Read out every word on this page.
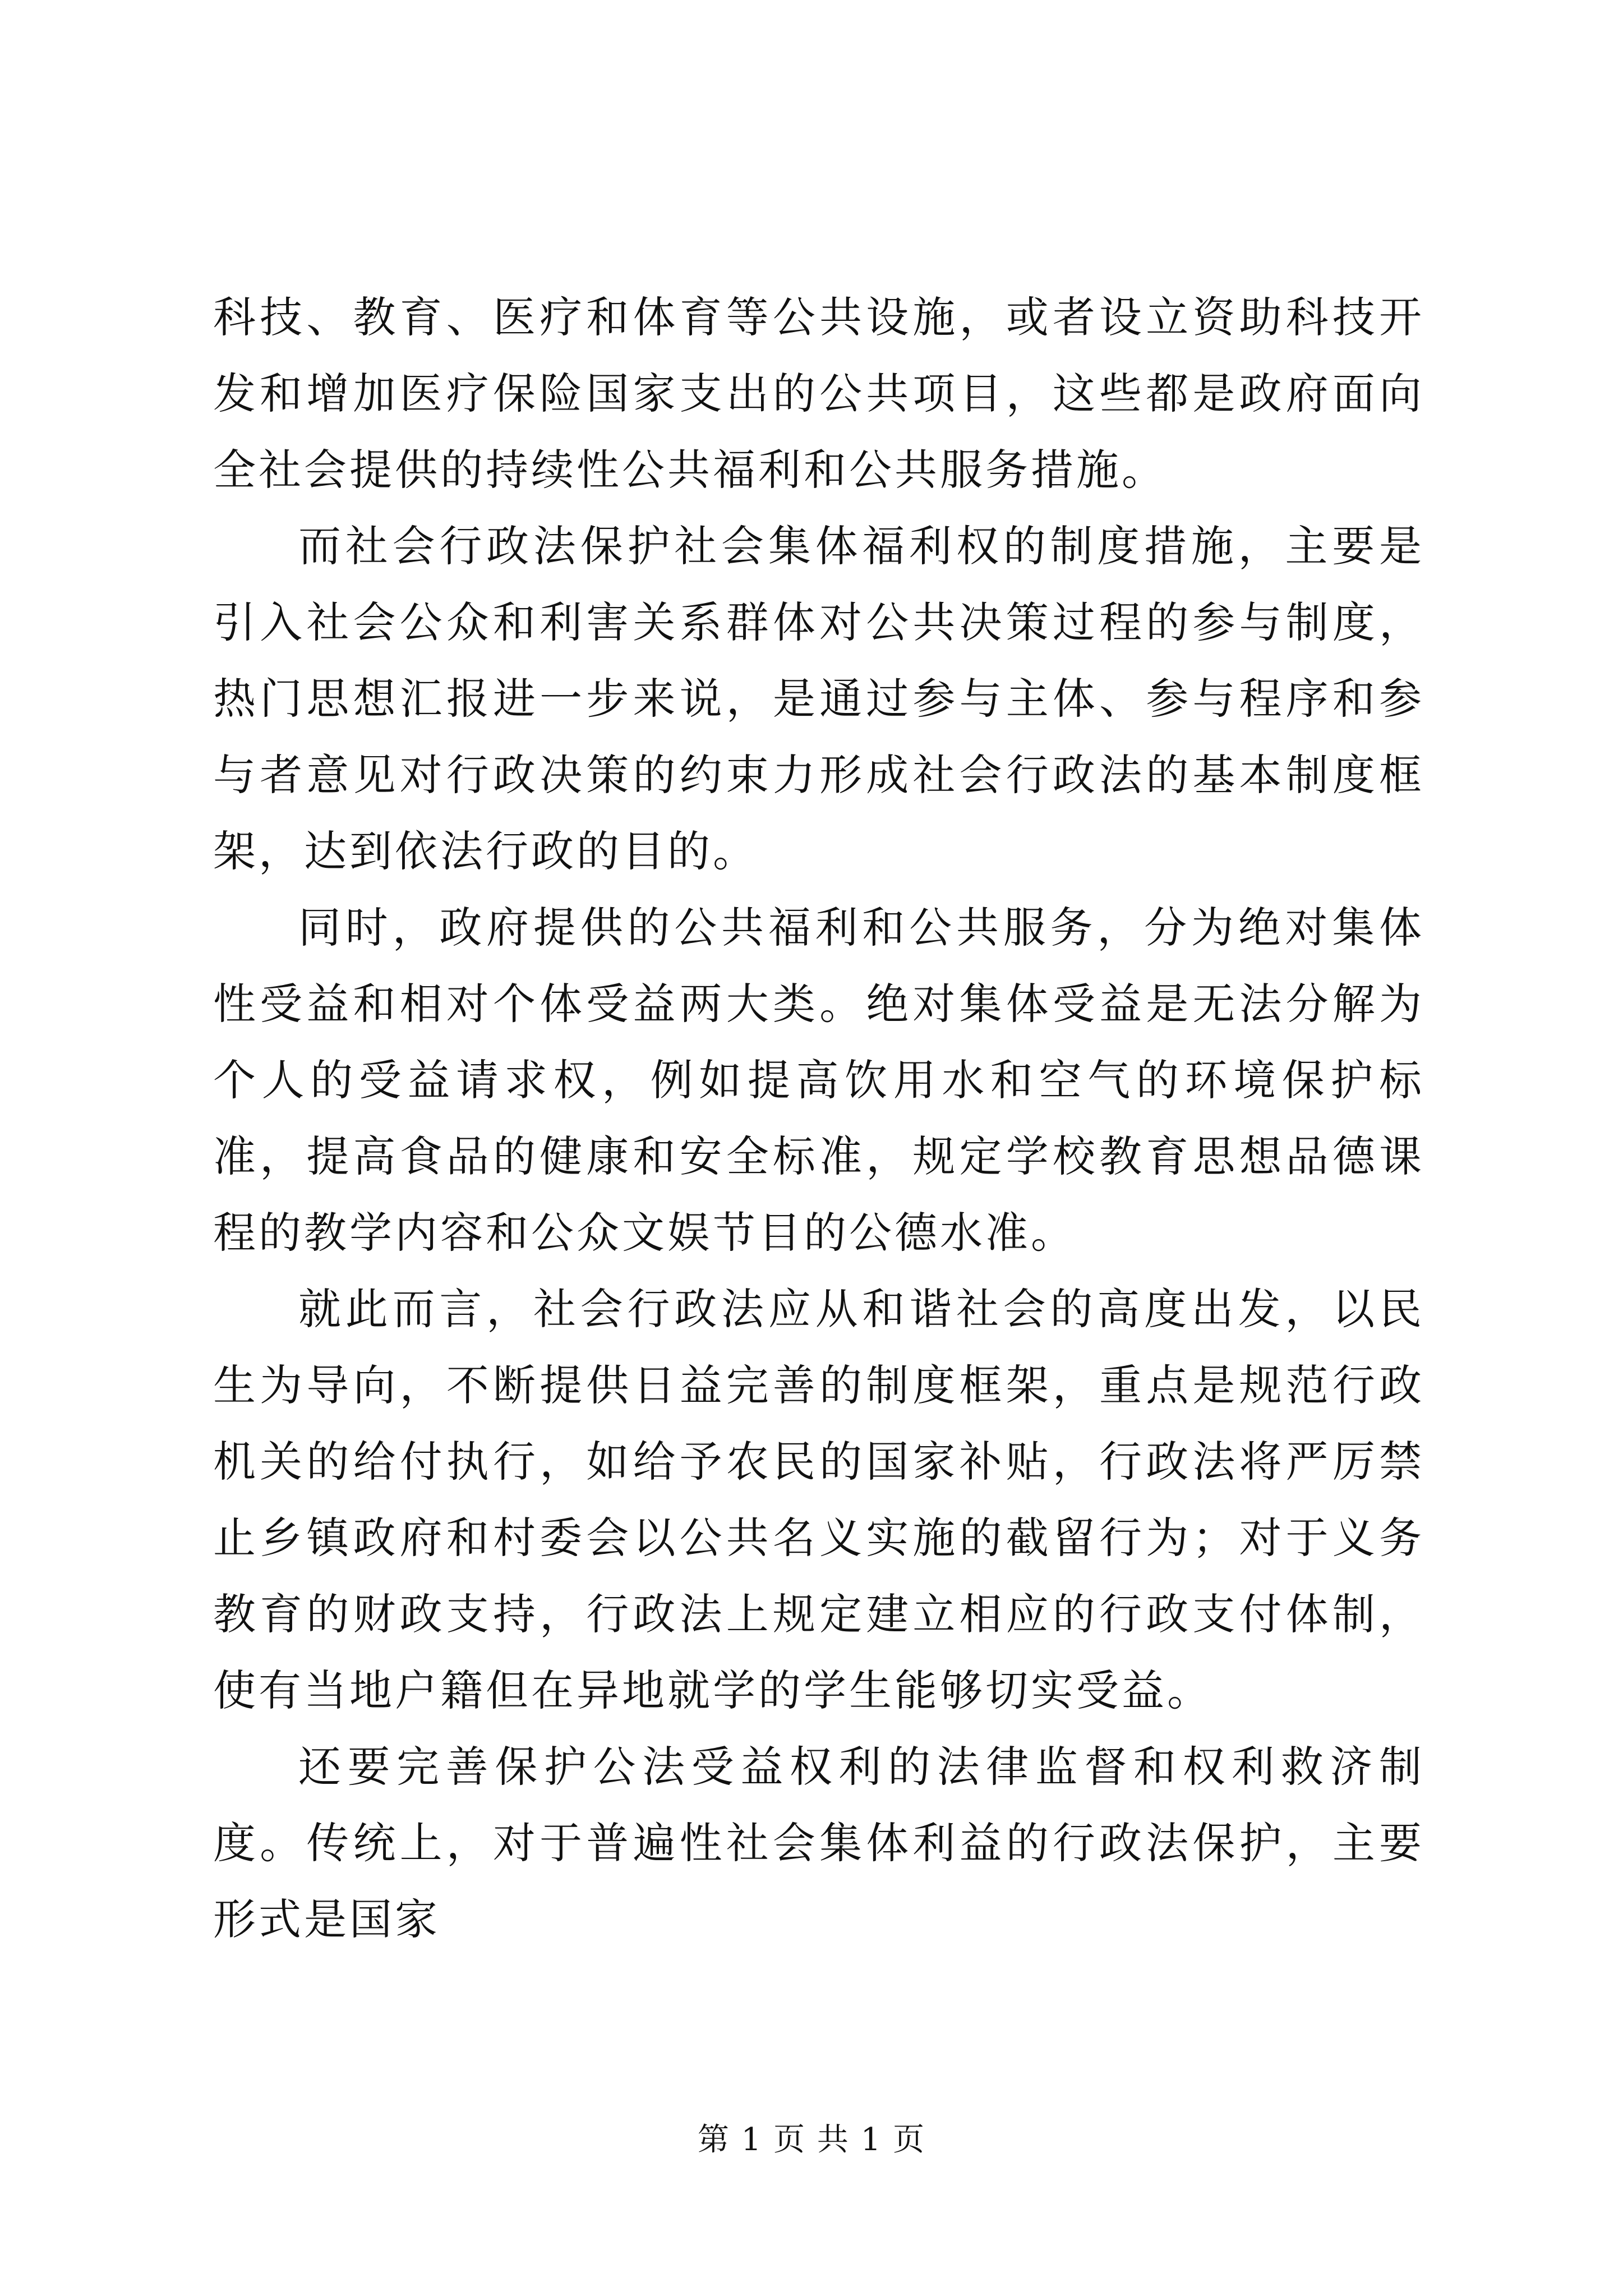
科技、教育、医疗和体育等公共设施，或者设立资助科技开发和增加医疗保险国家支出的公共项目，这些都是政府面向全社会提供的持续性公共福利和公共服务措施。

而社会行政法保护社会集体福利权的制度措施，主要是引入社会公众和利害关系群体对公共决策过程的参与制度，热门思想汇报进一步来说，是通过参与主体、参与程序和参与者意见对行政决策的约束力形成社会行政法的基本制度框架，达到依法行政的目的。

同时，政府提供的公共福利和公共服务，分为绝对集体性受益和相对个体受益两大类。绝对集体受益是无法分解为个人的受益请求权，例如提高饮用水和空气的环境保护标准，提高食品的健康和安全标准，规定学校教育思想品德课程的教学内容和公众文娱节目的公德水准。

就此而言，社会行政法应从和谐社会的高度出发，以民生为导向，不断提供日益完善的制度框架，重点是规范行政机关的给付执行，如给予农民的国家补贴，行政法将严厉禁止乡镇政府和村委会以公共名义实施的截留行为；对于义务教育的财政支持，行政法上规定建立相应的行政支付体制，使有当地户籍但在异地就学的学生能够切实受益。

还要完善保护公法受益权利的法律监督和权利救济制度。传统上，对于普遍性社会集体利益的行政法保护，主要形式是国家

第 1 页 共 1 页
